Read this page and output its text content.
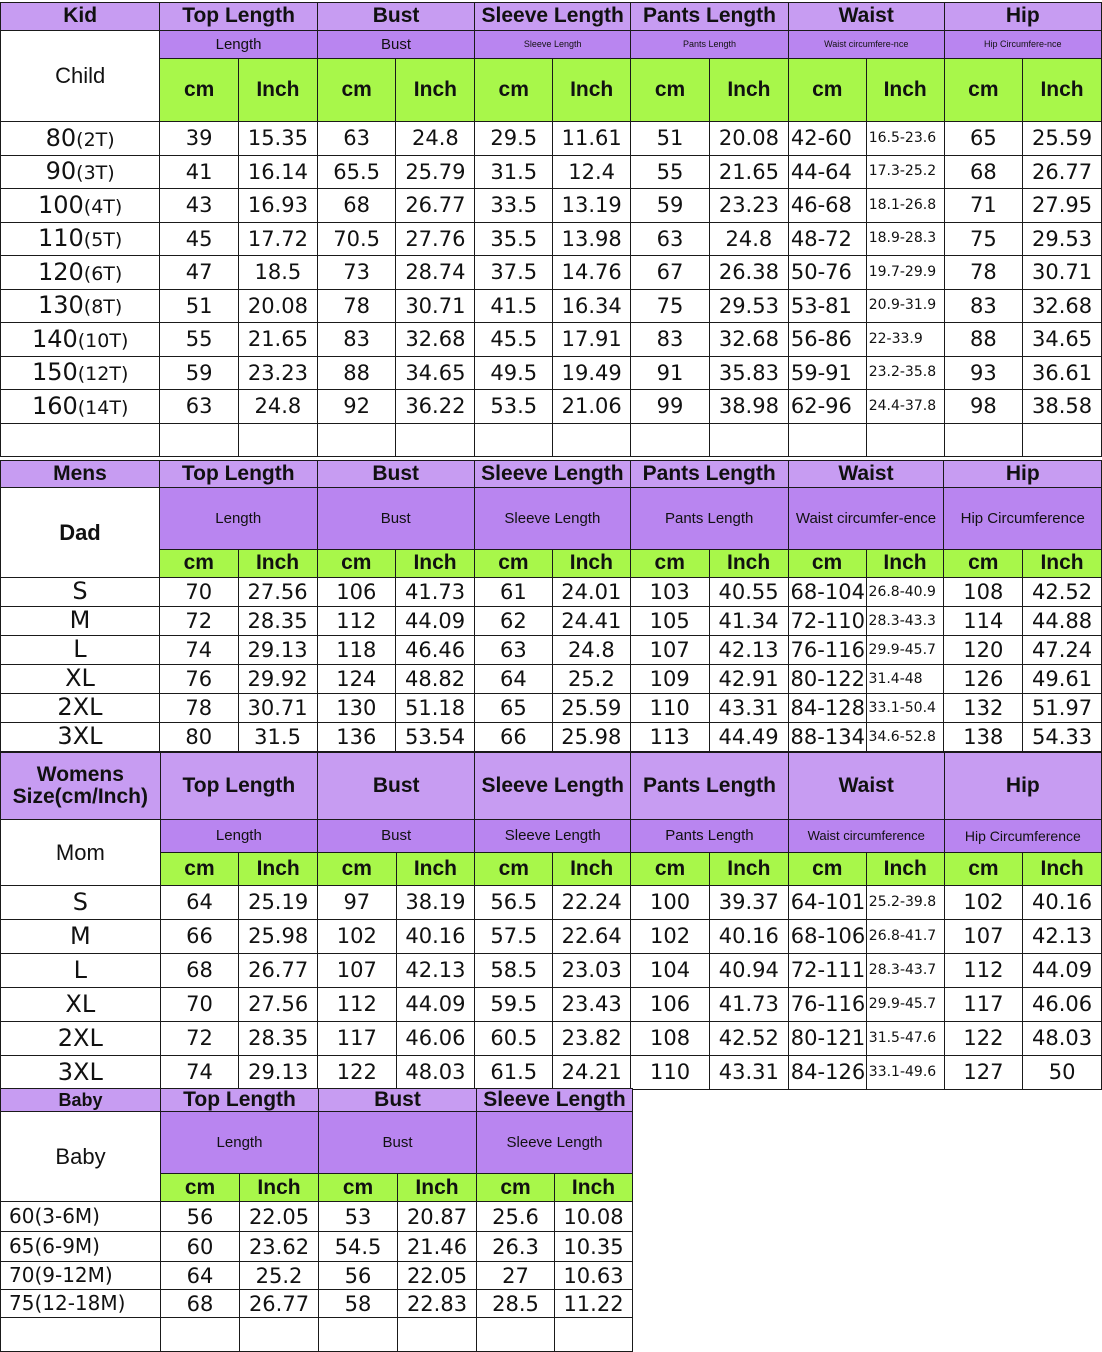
Kid	Top Length		Bust		Sleeve Length		Pants Length		Waist		Hip	
Child	Length		Bust		Sleeve Length		Pants Length		Waist circumfere-nce		Hip Circumfere-nce	
	cm	Inch	cm	Inch	cm	Inch	cm	Inch	cm	Inch	cm	Inch
80(2T)	39	15.35	63	24.8	29.5	11.61	51	20.08	42-60	16.5-23.6	65	25.59
90(3T)	41	16.14	65.5	25.79	31.5	12.4	55	21.65	44-64	17.3-25.2	68	26.77
100(4T)	43	16.93	68	26.77	33.5	13.19	59	23.23	46-68	18.1-26.8	71	27.95
110(5T)	45	17.72	70.5	27.76	35.5	13.98	63	24.8	48-72	18.9-28.3	75	29.53
120(6T)	47	18.5	73	28.74	37.5	14.76	67	26.38	50-76	19.7-29.9	78	30.71
130(8T)	51	20.08	78	30.71	41.5	16.34	75	29.53	53-81	20.9-31.9	83	32.68
140(10T)	55	21.65	83	32.68	45.5	17.91	83	32.68	56-86	22-33.9	88	34.65
150(12T)	59	23.23	88	34.65	49.5	19.49	91	35.83	59-91	23.2-35.8	93	36.61
160(14T)	63	24.8	92	36.22	53.5	21.06	99	38.98	62-96	24.4-37.8	98	38.58

Mens	Top Length		Bust		Sleeve Length		Pants Length		Waist		Hip	
Dad	Length		Bust		Sleeve Length		Pants Length		Waist circumfer-ence		Hip Circumference	
	cm	Inch	cm	Inch	cm	Inch	cm	Inch	cm	Inch	cm	Inch
S	70	27.56	106	41.73	61	24.01	103	40.55	68-104	26.8-40.9	108	42.52
M	72	28.35	112	44.09	62	24.41	105	41.34	72-110	28.3-43.3	114	44.88
L	74	29.13	118	46.46	63	24.8	107	42.13	76-116	29.9-45.7	120	47.24
XL	76	29.92	124	48.82	64	25.2	109	42.91	80-122	31.4-48	126	49.61
2XL	78	30.71	130	51.18	65	25.59	110	43.31	84-128	33.1-50.4	132	51.97
3XL	80	31.5	136	53.54	66	25.98	113	44.49	88-134	34.6-52.8	138	54.33
Womens Size(cm/Inch)	Top Length		Bust		Sleeve Length		Pants Length		Waist		Hip	
Mom	Length		Bust		Sleeve Length		Pants Length		Waist circumference		Hip Circumference	
	cm	Inch	cm	Inch	cm	Inch	cm	Inch	cm	Inch	cm	Inch
S	64	25.19	97	38.19	56.5	22.24	100	39.37	64-101	25.2-39.8	102	40.16
M	66	25.98	102	40.16	57.5	22.64	102	40.16	68-106	26.8-41.7	107	42.13
L	68	26.77	107	42.13	58.5	23.03	104	40.94	72-111	28.3-43.7	112	44.09
XL	70	27.56	112	44.09	59.5	23.43	106	41.73	76-116	29.9-45.7	117	46.06
2XL	72	28.35	117	46.06	60.5	23.82	108	42.52	80-121	31.5-47.6	122	48.03
3XL	74	29.13	122	48.03	61.5	24.21	110	43.31	84-126	33.1-49.6	127	50
Baby	Top Length		Bust		Sleeve Length	
Baby	Length		Bust		Sleeve Length	
	cm	Inch	cm	Inch	cm	Inch
60(3-6M)	56	22.05	53	20.87	25.6	10.08
65(6-9M)	60	23.62	54.5	21.46	26.3	10.35
70(9-12M)	64	25.2	56	22.05	27	10.63
75(12-18M)	68	26.77	58	22.83	28.5	11.22
